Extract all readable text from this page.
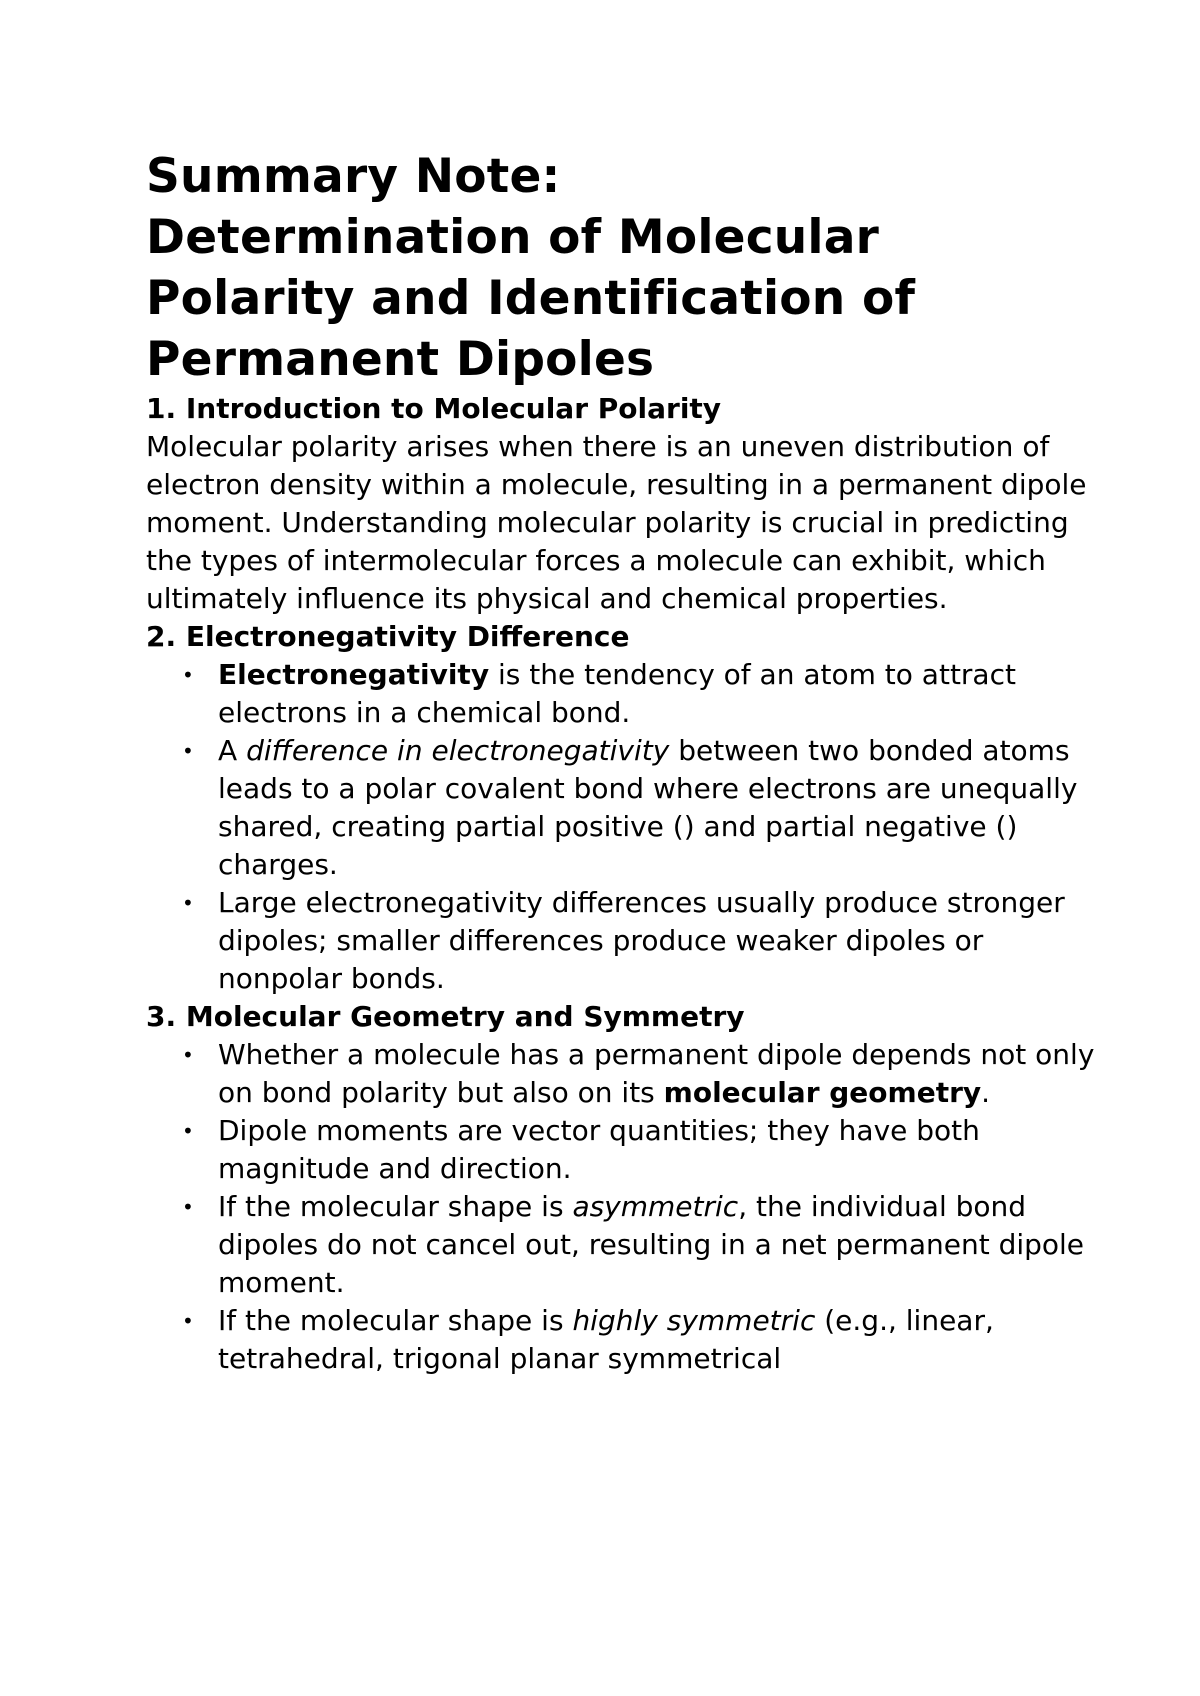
Summary Note:
Determination of Molecular
Polarity and Identification of
Permanent Dipoles
1. Introduction to Molecular Polarity

Molecular polarity arises when there is an uneven distribution of electron density within a molecule, resulting in a permanent dipole moment. Understanding molecular polarity is crucial in predicting the types of intermolecular forces a molecule can exhibit, which ultimately influence its physical and chemical properties.

2. Electronegativity Difference
• Electronegativity is the tendency of an atom to attract electrons in a chemical bond.
• A difference in electronegativity between two bonded atoms leads to a polar covalent bond where electrons are unequally shared, creating partial positive () and partial negative () charges.
• Large electronegativity differences usually produce stronger dipoles; smaller differences produce weaker dipoles or nonpolar bonds.
3. Molecular Geometry and Symmetry
• Whether a molecule has a permanent dipole depends not only on bond polarity but also on its molecular geometry.
• Dipole moments are vector quantities; they have both magnitude and direction.
• If the molecular shape is asymmetric, the individual bond dipoles do not cancel out, resulting in a net permanent dipole moment.
• If the molecular shape is highly symmetric (e.g., linear, tetrahedral, trigonal planar symmetrical
